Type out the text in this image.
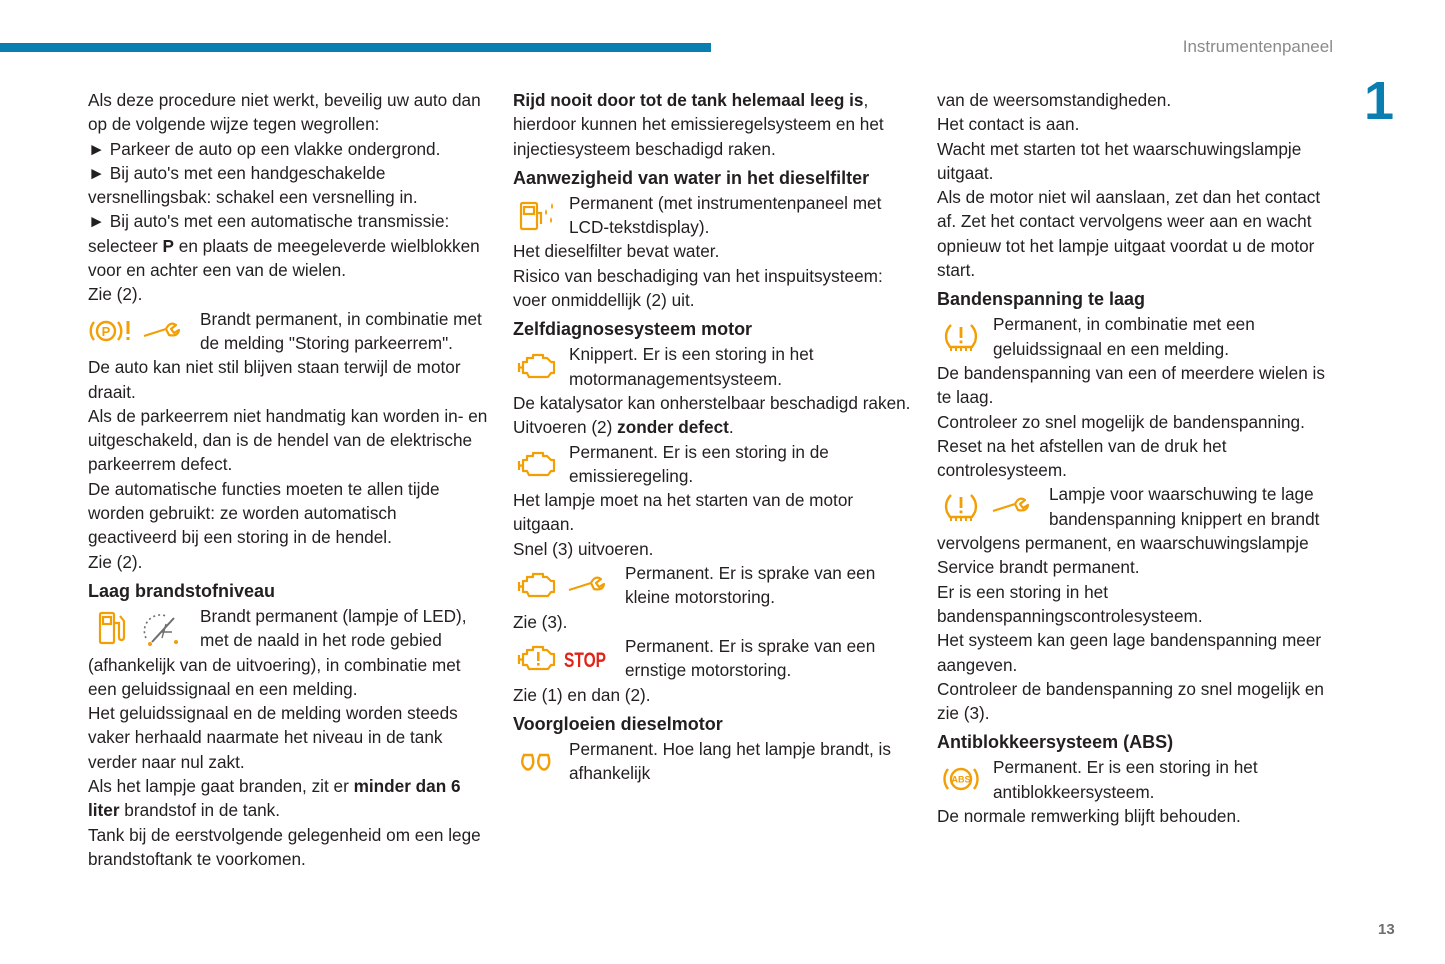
Instrumentenpaneel
1
13

Als deze procedure niet werkt, beveilig uw auto dan op de volgende wijze tegen wegrollen:

► Parkeer de auto op een vlakke ondergrond.

► Bij auto's met een handgeschakelde versnellingsbak: schakel een versnelling in.

► Bij auto's met een automatische transmissie: selecteer P en plaats de meegeleverde wielblokken voor en achter een van de wielen.

Zie (2).

P

Brandt permanent, in combinatie met de melding "Storing parkeerrem".

De auto kan niet stil blijven staan terwijl de motor draait.

Als de parkeerrem niet handmatig kan worden in- en uitgeschakeld, dan is de hendel van de elektrische parkeerrem defect.

De automatische functies moeten te allen tijde worden gebruikt: ze worden automatisch geactiveerd bij een storing in de hendel.

Zie (2).

Laag brandstofniveau

Brandt permanent (lampje of LED), met de naald in het rode gebied (afhankelijk van de uitvoering), in combinatie met een geluidssignaal en een melding.

Het geluidssignaal en de melding worden steeds vaker herhaald naarmate het niveau in de tank verder naar nul zakt.

Als het lampje gaat branden, zit er minder dan 6 liter brandstof in de tank.

Tank bij de eerstvolgende gelegenheid om een lege brandstoftank te voorkomen.

Rijd nooit door tot de tank helemaal leeg is, hierdoor kunnen het emissieregelsysteem en het injectiesysteem beschadigd raken.

Aanwezigheid van water in het dieselfilter

Permanent (met instrumentenpaneel met LCD-tekstdisplay).

Het dieselfilter bevat water.

Risico van beschadiging van het inspuitsysteem: voer onmiddellijk (2) uit.

Zelfdiagnosesysteem motor

Knippert. Er is een storing in het motormanagementsysteem.

De katalysator kan onherstelbaar beschadigd raken.

Uitvoeren (2) zonder defect.

Permanent. Er is een storing in de emissieregeling.

Het lampje moet na het starten van de motor uitgaan.

Snel (3) uitvoeren.

Permanent. Er is sprake van een kleine motorstoring.

Zie (3).

STOP

Permanent. Er is sprake van een ernstige motorstoring.

Zie (1) en dan (2).

Voorgloeien dieselmotor

Permanent. Hoe lang het lampje brandt, is afhankelijk

van de weersomstandigheden.

Het contact is aan.

Wacht met starten tot het waarschuwingslampje uitgaat.

Als de motor niet wil aanslaan, zet dan het contact af. Zet het contact vervolgens weer aan en wacht opnieuw tot het lampje uitgaat voordat u de motor start.

Bandenspanning te laag

Permanent, in combinatie met een geluidssignaal en een melding.

De bandenspanning van een of meerdere wielen is te laag.

Controleer zo snel mogelijk de bandenspanning.

Reset na het afstellen van de druk het controlesysteem.

Lampje voor waarschuwing te lage bandenspanning knippert en brandt vervolgens permanent, en waarschuwingslampje Service brandt permanent.

Er is een storing in het bandenspanningscontrolesysteem.

Het systeem kan geen lage bandenspanning meer aangeven.

Controleer de bandenspanning zo snel mogelijk en zie (3).

Antiblokkeersysteem (ABS)
ABS

Permanent. Er is een storing in het antiblokkeersysteem.

De normale remwerking blijft behouden.
